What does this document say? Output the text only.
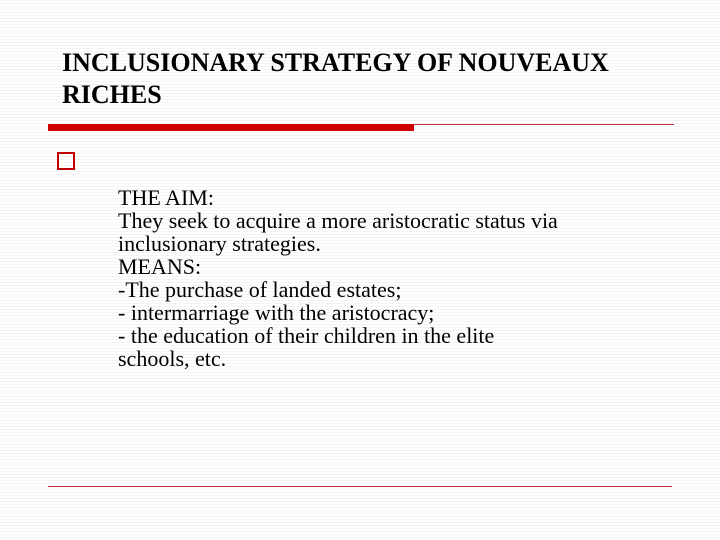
INCLUSIONARY STRATEGY OF NOUVEAUX RICHES
THE AIM:
They seek to acquire a more aristocratic status via
inclusionary strategies.
MEANS:
-The purchase of landed estates;
- intermarriage with the aristocracy;
- the education of their children in the elite
schools, etc.
